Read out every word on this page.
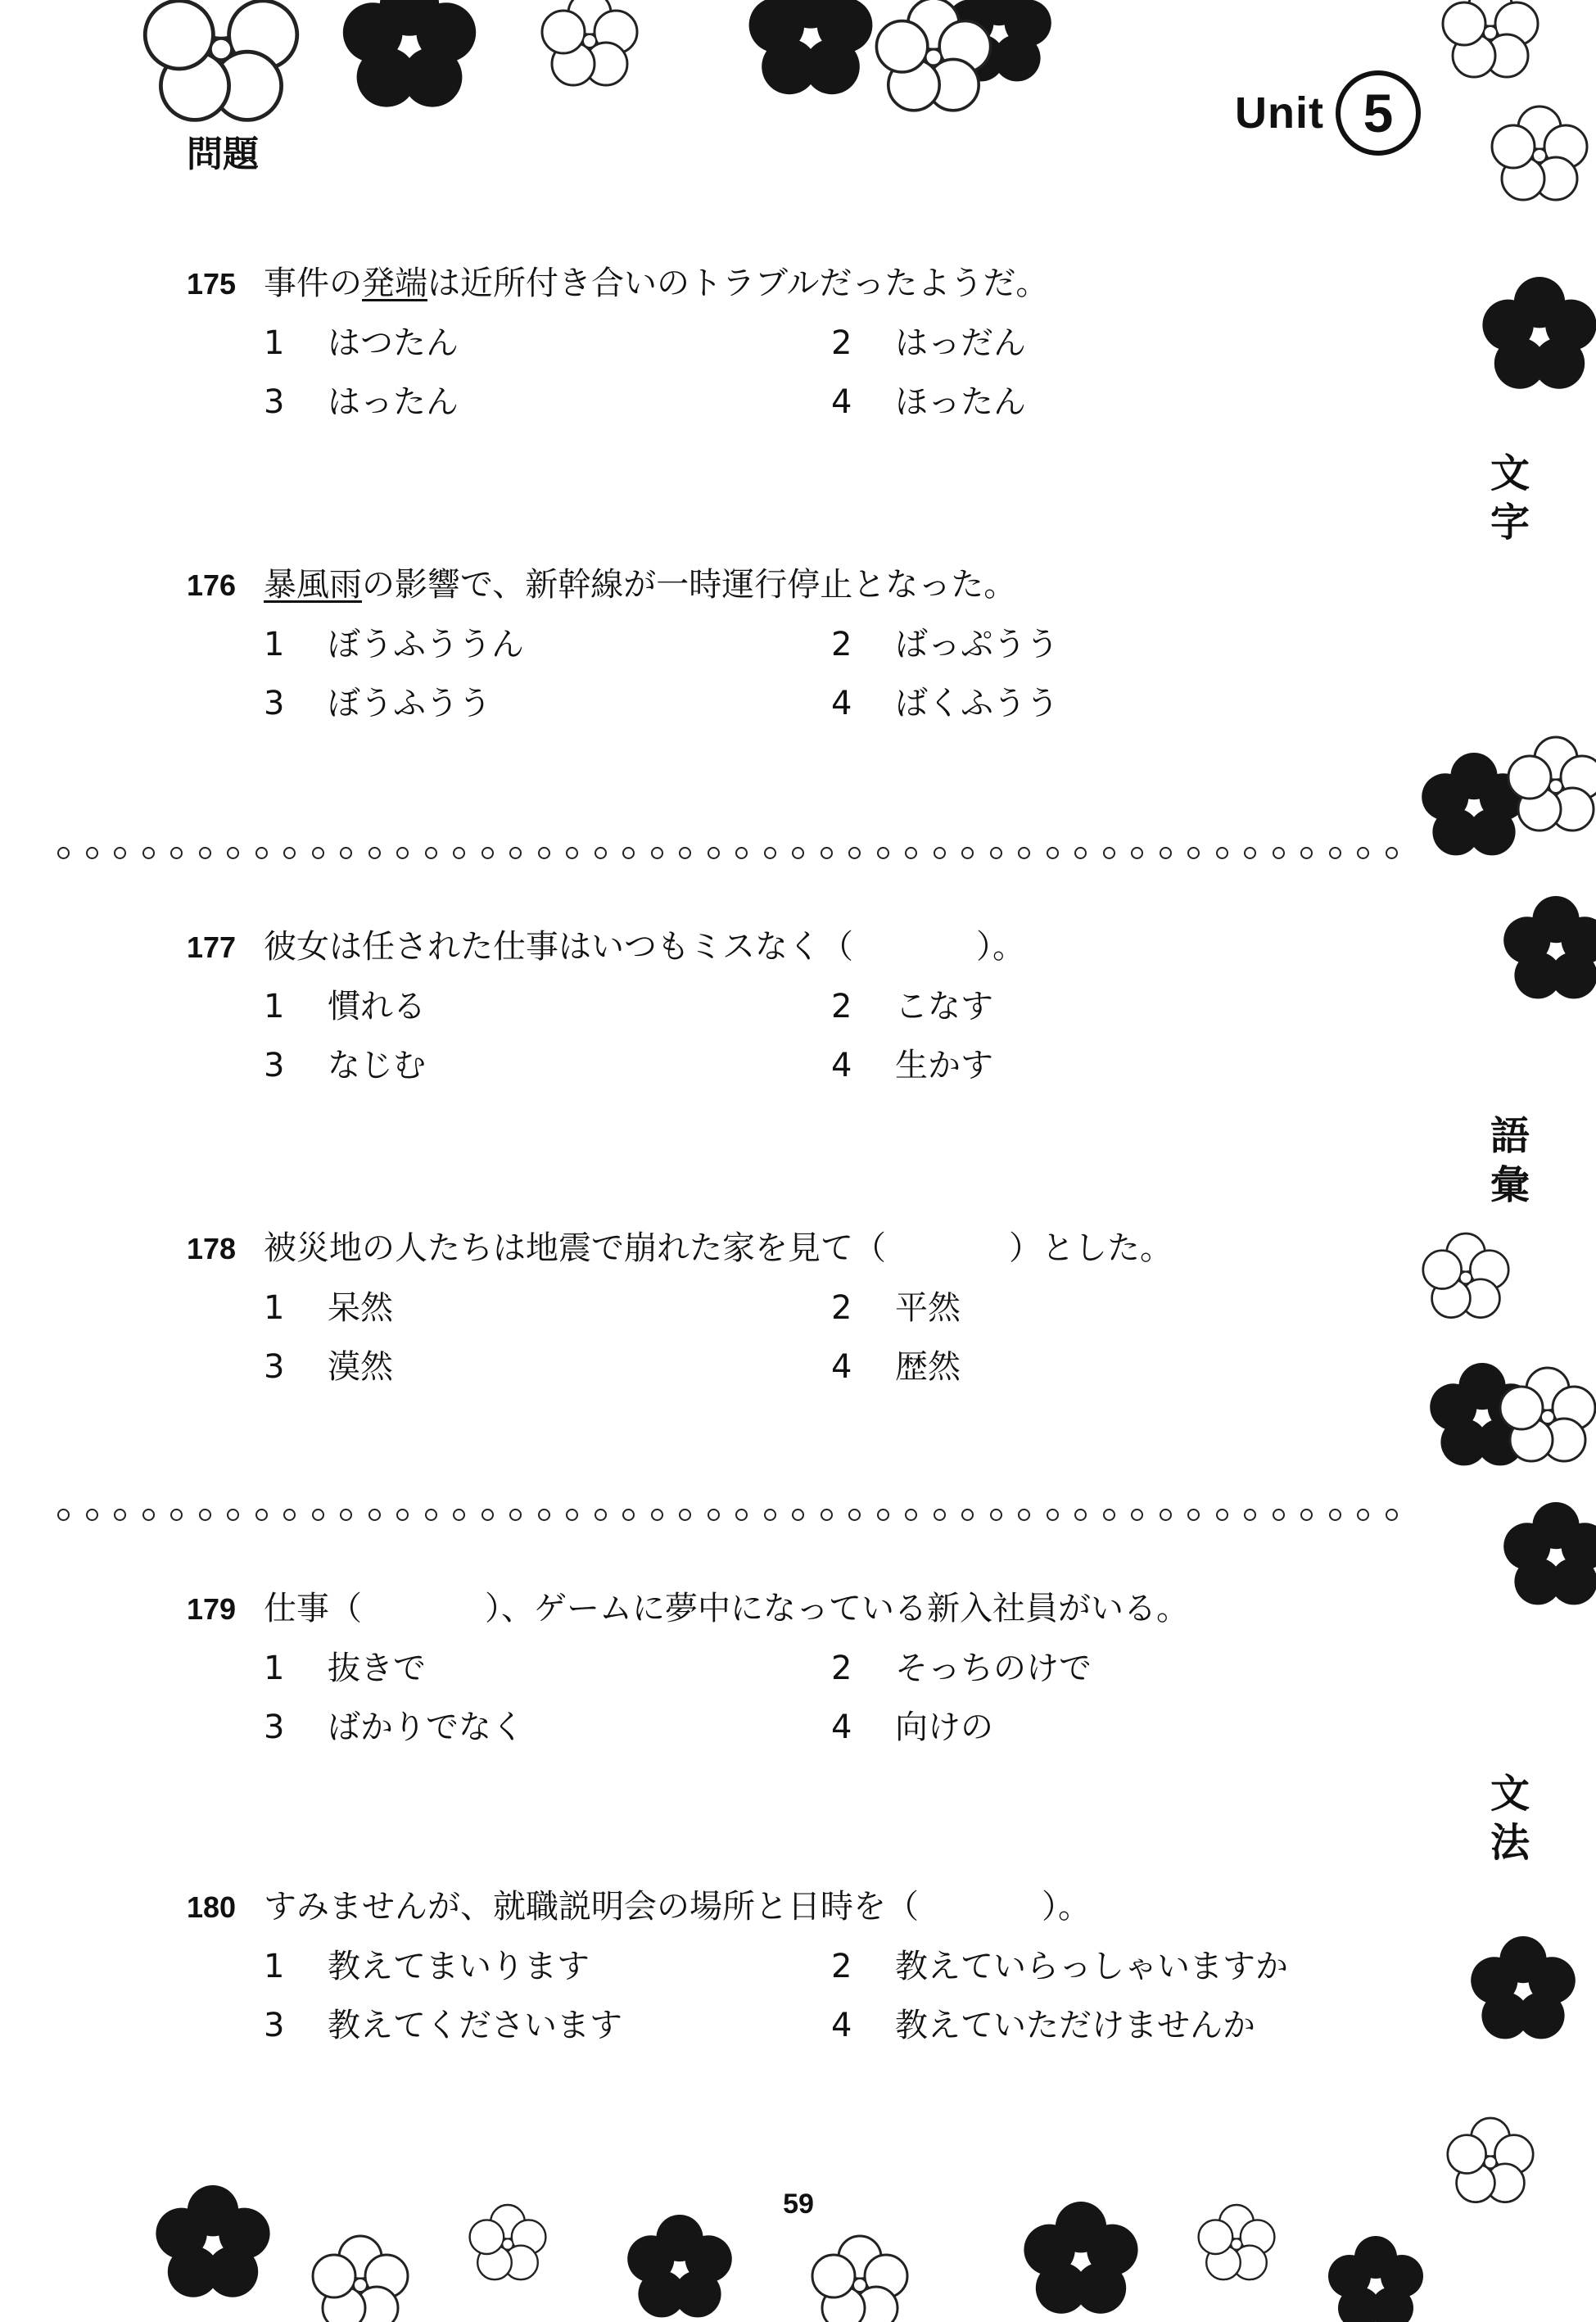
Unit 5
問題
文字
語彙
文法
175 事件の発端は近所付き合いのトラブルだったようだ。
1	はつたん	2	はっだん
3	はったん	4	ほったん
176 暴風雨の影響で、新幹線が一時運行停止となった。
1	ぼうふううん	2	ばっぷうう
3	ぼうふうう	4	ばくふうう
177 彼女は任された仕事はいつもミスなく（	）。
1	慣れる	2	こなす
3	なじむ	4	生かす
178 被災地の人たちは地震で崩れた家を見て（	）とした。
1	呆然	2	平然
3	漠然	4	歴然
179 仕事（	）、ゲームに夢中になっている新入社員がいる。
1	抜きで	2	そっちのけで
3	ばかりでなく	4	向けの
180 すみませんが、就職説明会の場所と日時を（	）。
1	教えてまいります	2	教えていらっしゃいますか
3	教えてくださいます	4	教えていただけませんか
59
